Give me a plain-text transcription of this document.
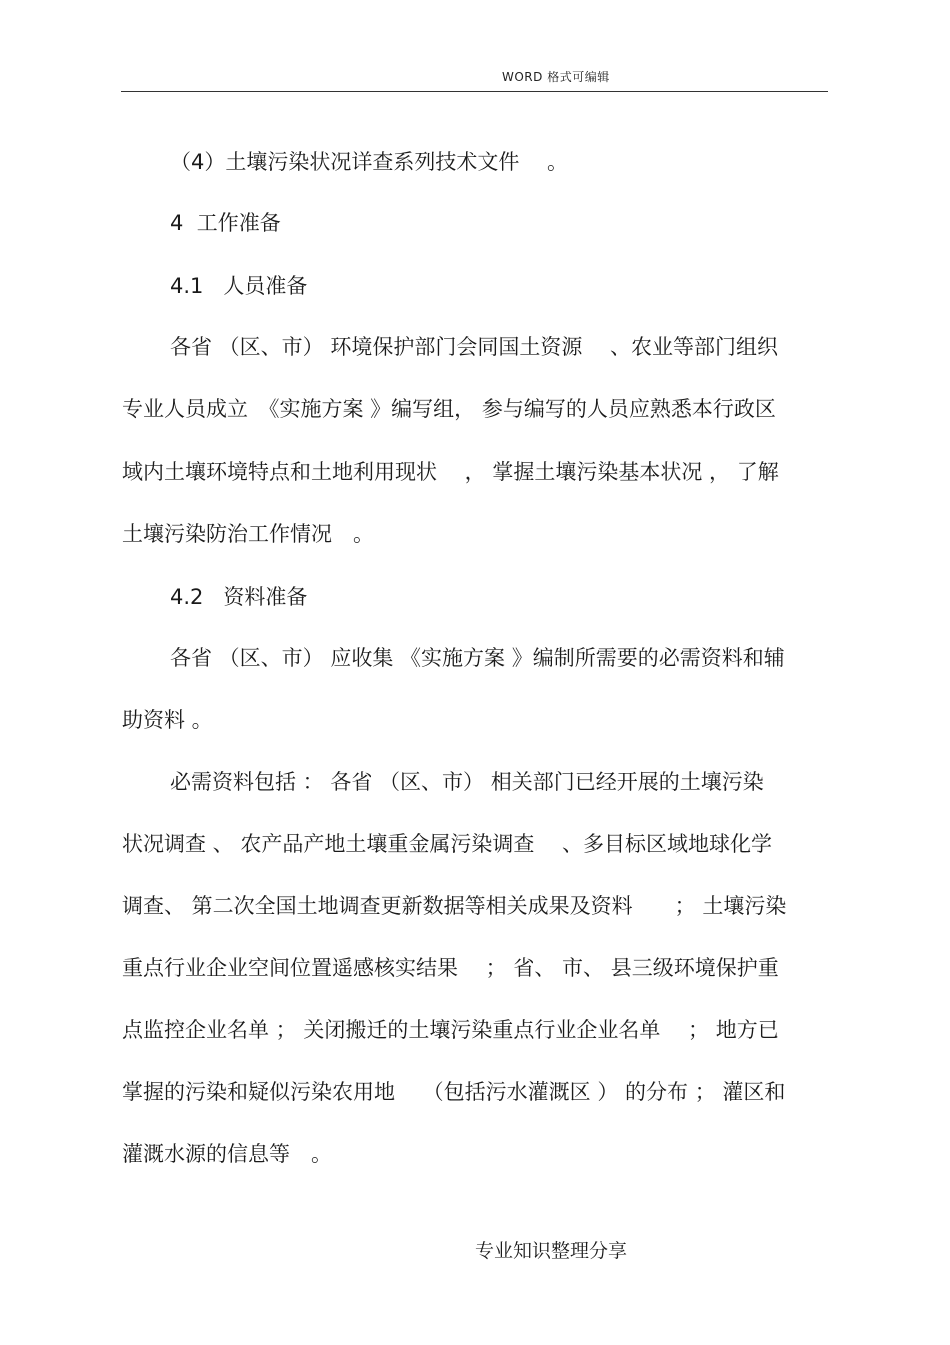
WORD 格式可编辑
（4）土壤污染状况详查系列技术文件　 。
4  工作准备
4.1   人员准备
各省 （区、市） 环境保护部门会同国土资源　 、农业等部门组织
专业人员成立　《实施方案 》编写组， 参与编写的人员应熟悉本行政区
域内土壤环境特点和土地利用现状　 ， 掌握土壤污染基本状况 ， 了解
土壤污染防治工作情况　。
4.2   资料准备
各省 （区、市） 应收集 《实施方案 》编制所需要的必需资料和辅
助资料 。
必需资料包括 ： 各省 （区、市） 相关部门已经开展的土壤污染
状况调查 、 农产品产地土壤重金属污染调查　 、多目标区域地球化学
调查、 第二次全国土地调查更新数据等相关成果及资料　　； 土壤污染
重点行业企业空间位置遥感核实结果　 ； 省、 市、 县三级环境保护重
点监控企业名单 ； 关闭搬迁的土壤污染重点行业企业名单　 ； 地方已
掌握的污染和疑似污染农用地　 （包括污水灌溉区 ） 的分布 ； 灌区和
灌溉水源的信息等　。
专业知识整理分享
